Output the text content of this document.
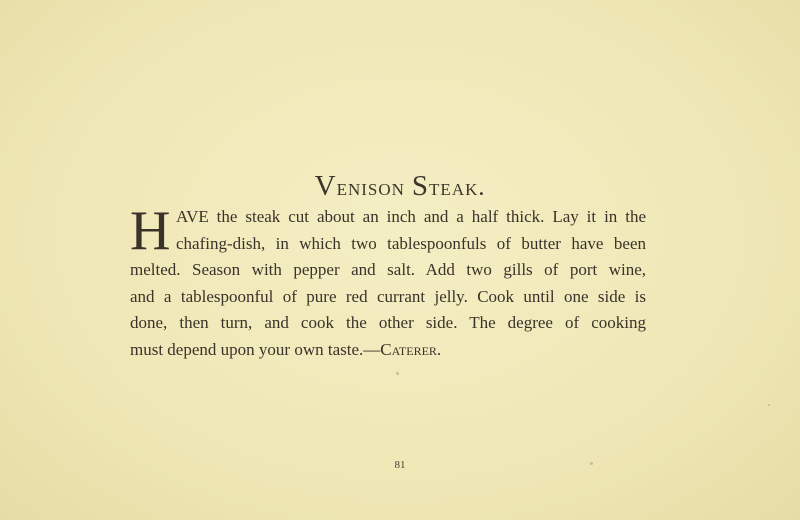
Venison Steak.
H AVE the steak cut about an inch and a half thick. Lay it in the
chafing-dish, in which two tablespoonfuls of butter have been
melted. Season with pepper and salt. Add two gills of port wine,
and a tablespoonful of pure red currant jelly. Cook until one side is
done, then turn, and cook the other side. The degree of cooking
must depend upon your own taste.—Caterer.
81
